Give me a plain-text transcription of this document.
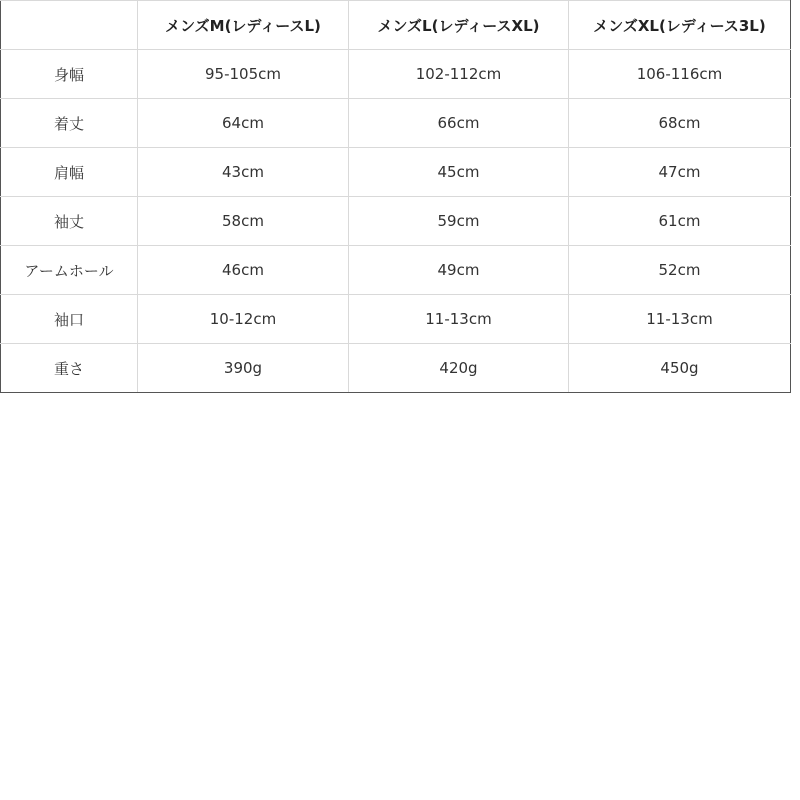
	メンズM(レディースL)	メンズL(レディースXL)	メンズXL(レディース3L)
身幅	95-105cm	102-112cm	106-116cm
着丈	64cm	66cm	68cm
肩幅	43cm	45cm	47cm
袖丈	58cm	59cm	61cm
アームホール	46cm	49cm	52cm
袖口	10-12cm	11-13cm	11-13cm
重さ	390g	420g	450g
